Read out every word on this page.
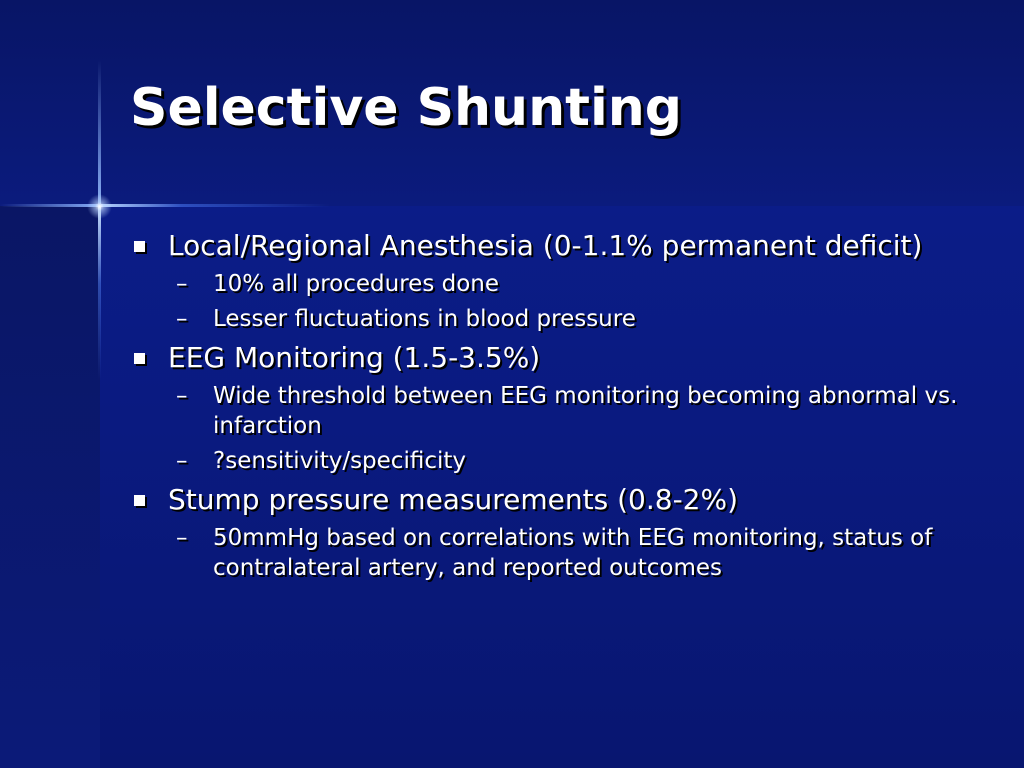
Selective Shunting
Local/Regional Anesthesia (0-1.1% permanent deficit)
– 10% all procedures done
– Lesser fluctuations in blood pressure
EEG Monitoring (1.5-3.5%)
– Wide threshold between EEG monitoring becoming abnormal vs. infarction
– ?sensitivity/specificity
Stump pressure measurements (0.8-2%)
– 50mmHg based on correlations with EEG monitoring, status of contralateral artery, and reported outcomes
